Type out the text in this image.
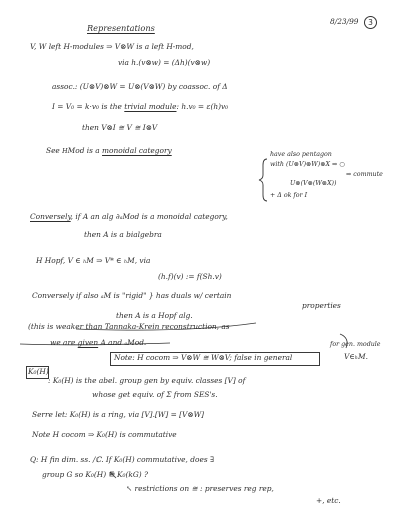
8/23/99	3
Representations
V, W left H-modules ⇒ V⊗W is a left H-mod,
via h.(v⊗w) = (Δh)(v⊗w)
assoc.: (U⊗V)⊗W = U⊗(V⊗W) by coassoc. of Δ
I = V₀ = k·v₀ is the trivial module: h.v₀ = ε(h)v₀
then V⊗I ≅ V ≅ I⊗V
See HMod is a monoidal category	have also pentagon
with (U⊗V)⊗W)⊗X ⇒ ○
⇒ commute
U⊗(V⊗(W⊗X))
+ Δ ok for I
Conversely, if A an alg ∂ₐMod is a monoidal category,
then A is a bialgebra
H Hopf, V ∈ ₕM ⇒ V* ∈ ₕM, via
(h.f)(v) := f(Sh.v)
Conversely if also ₐM is "rigid" } has duals w/ certain
properties
then A is a Hopf alg.
(this is weaker than Tannaka-Krein reconstruction, as
we are given A and ₐMod.
Note: H cocom ⇒ V⊗W ≅ W⊗V; false in general
for gen. module
V∈ₕM.
K₀(H)
: K₀(H) is the abel. group gen by equiv. classes [V] of
whose get equiv. of Σ from SES's.
Serre let: K₀(H) is a ring, via [V].[W] = [V⊗W]
Note H cocom ⇒ K₀(H) is commutative
Q: H fin dim. ss. /ℂ. If K₀(H) commutative, does ∃
group G so K₀(H) ≅ K₀(kG) ?
↖ restrictions on ≅ : preserves reg rep,
+, etc.
